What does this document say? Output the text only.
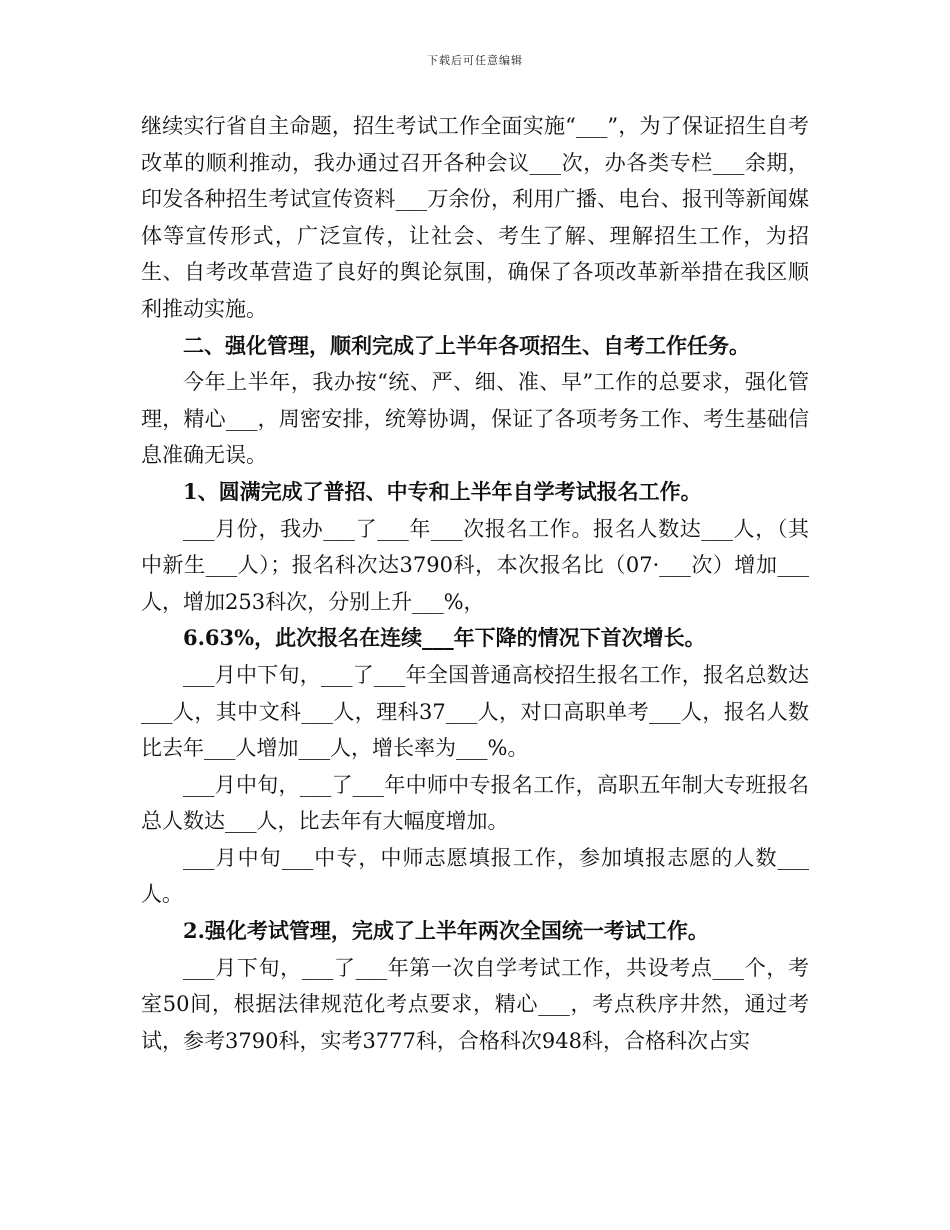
下载后可任意编辑

继续实行省自主命题，招生考试工作全面实施“___”，为了保证招生自考改革的顺利推动，我办通过召开各种会议___次，办各类专栏___余期，印发各种招生考试宣传资料___万余份，利用广播、电台、报刊等新闻媒体等宣传形式，广泛宣传，让社会、考生了解、理解招生工作，为招生、自考改革营造了良好的舆论氛围，确保了各项改革新举措在我区顺利推动实施。

二、强化管理，顺利完成了上半年各项招生、自考工作任务。

今年上半年，我办按“统、严、细、准、早”工作的总要求，强化管理，精心___，周密安排，统筹协调，保证了各项考务工作、考生基础信息准确无误。

1、圆满完成了普招、中专和上半年自学考试报名工作。

___月份，我办___了___年___次报名工作。报名人数达___人，（其中新生___人）；报名科次达3790科，本次报名比（07·___次）增加___人，增加253科次，分别上升___%，

6.63%，此次报名在连续___年下降的情况下首次增长。

___月中下旬，___了___年全国普通高校招生报名工作，报名总数达___人，其中文科___人，理科37___人，对口高职单考___人，报名人数比去年___人增加___人，增长率为___%。

___月中旬，___了___年中师中专报名工作，高职五年制大专班报名总人数达___人，比去年有大幅度增加。

___月中旬___中专，中师志愿填报工作，参加填报志愿的人数___人。

2.强化考试管理，完成了上半年两次全国统一考试工作。

___月下旬，___了___年第一次自学考试工作，共设考点___个，考室50间，根据法律规范化考点要求，精心___，考点秩序井然，通过考试，参考3790科，实考3777科，合格科次948科，合格科次占实
